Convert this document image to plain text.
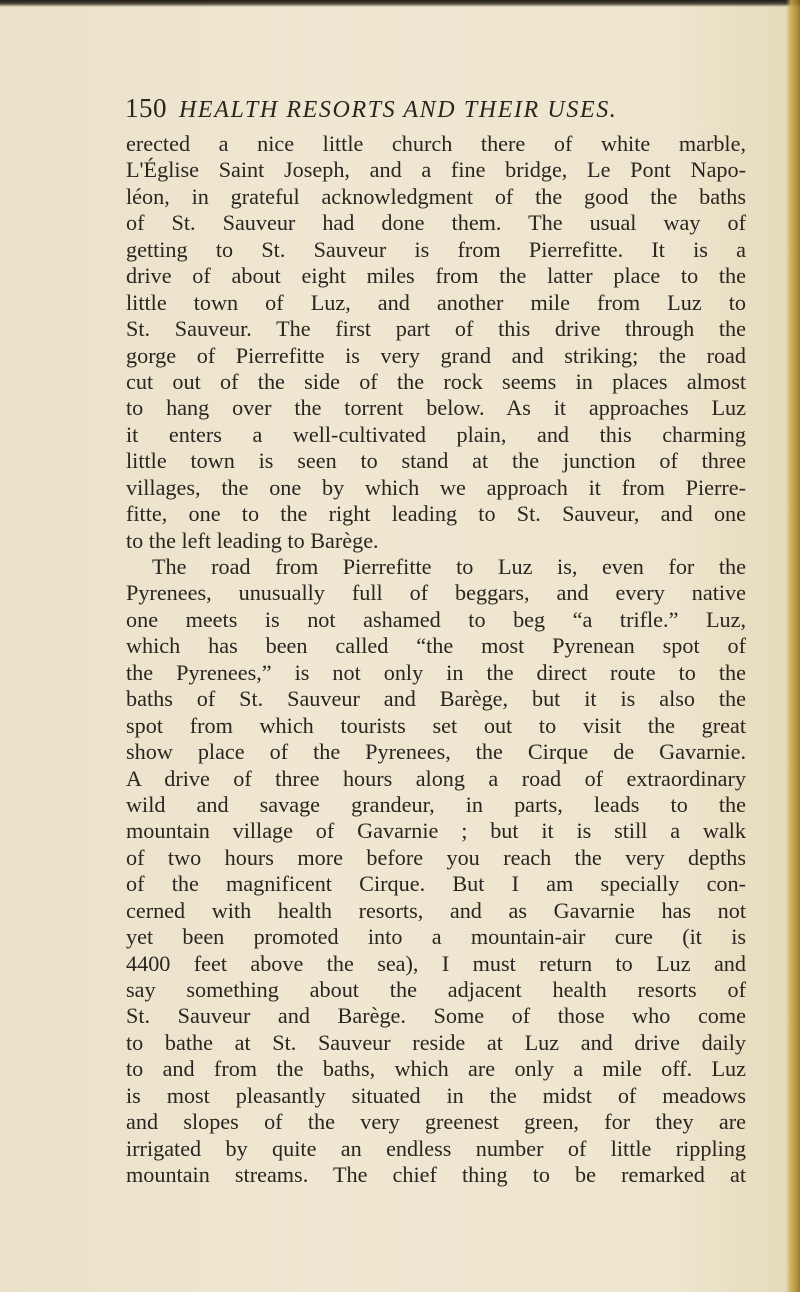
150 HEALTH RESORTS AND THEIR USES.
erected a nice little church there of white marble,
L'Église Saint Joseph, and a fine bridge, Le Pont Napo-
léon, in grateful acknowledgment of the good the baths
of St. Sauveur had done them. The usual way of
getting to St. Sauveur is from Pierrefitte. It is a
drive of about eight miles from the latter place to the
little town of Luz, and another mile from Luz to
St. Sauveur. The first part of this drive through the
gorge of Pierrefitte is very grand and striking; the road
cut out of the side of the rock seems in places almost
to hang over the torrent below. As it approaches Luz
it enters a well-cultivated plain, and this charming
little town is seen to stand at the junction of three
villages, the one by which we approach it from Pierre-
fitte, one to the right leading to St. Sauveur, and one
to the left leading to Barège.
The road from Pierrefitte to Luz is, even for the
Pyrenees, unusually full of beggars, and every native
one meets is not ashamed to beg “a trifle.” Luz,
which has been called “the most Pyrenean spot of
the Pyrenees,” is not only in the direct route to the
baths of St. Sauveur and Barège, but it is also the
spot from which tourists set out to visit the great
show place of the Pyrenees, the Cirque de Gavarnie.
A drive of three hours along a road of extraordinary
wild and savage grandeur, in parts, leads to the
mountain village of Gavarnie ; but it is still a walk
of two hours more before you reach the very depths
of the magnificent Cirque. But I am specially con-
cerned with health resorts, and as Gavarnie has not
yet been promoted into a mountain-air cure (it is
4400 feet above the sea), I must return to Luz and
say something about the adjacent health resorts of
St. Sauveur and Barège. Some of those who come
to bathe at St. Sauveur reside at Luz and drive daily
to and from the baths, which are only a mile off. Luz
is most pleasantly situated in the midst of meadows
and slopes of the very greenest green, for they are
irrigated by quite an endless number of little rippling
mountain streams. The chief thing to be remarked at
